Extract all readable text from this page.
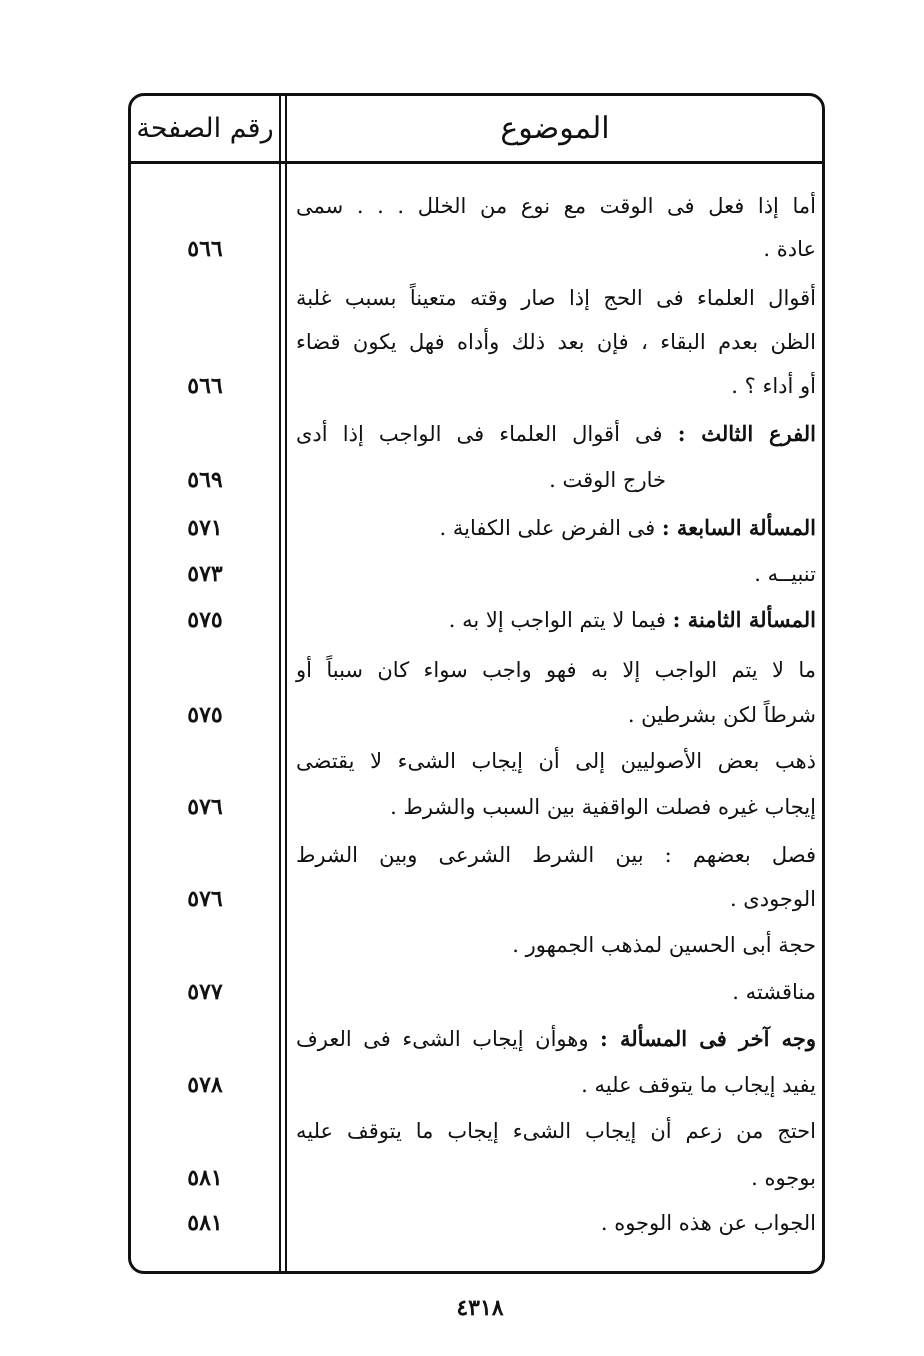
الموضوع
رقم الصفحة
أما إذا فعل فى الوقت مع نوع من الخلل . . . سمى
عادة .
أقوال العلماء فى الحج إذا صار وقته متعيناً بسبب غلبة
الظن بعدم البقاء ، فإن بعد ذلك وأداه فهل يكون قضاء
أو أداء ؟ .
الفرع الثالث : فى أقوال العلماء فى الواجب إذا أدى
خارج الوقت .
المسألة السابعة : فى الفرض على الكفاية .
تنبيــه .
المسألة الثامنة : فيما لا يتم الواجب إلا به .
ما لا يتم الواجب إلا به فهو واجب سواء كان سبباً أو
شرطاً لكن بشرطين .
ذهب بعض الأصوليين إلى أن إيجاب الشىء لا يقتضى
إيجاب غيره فصلت الواقفية بين السبب والشرط .
فصل بعضهم : بين الشرط الشرعى وبين الشرط
الوجودى .
حجة أبى الحسين لمذهب الجمهور .
مناقشته .
وجه آخر فى المسألة : وهوأن إيجاب الشىء فى العرف
يفيد إيجاب ما يتوقف عليه .
احتج من زعم أن إيجاب الشىء إيجاب ما يتوقف عليه
بوجوه .
الجواب عن هذه الوجوه .
٥٦٦
٥٦٦
٥٦٩
٥٧١
٥٧٣
٥٧٥
٥٧٥
٥٧٦
٥٧٦
٥٧٧
٥٧٨
٥٨١
٥٨١
٤٣١٨
